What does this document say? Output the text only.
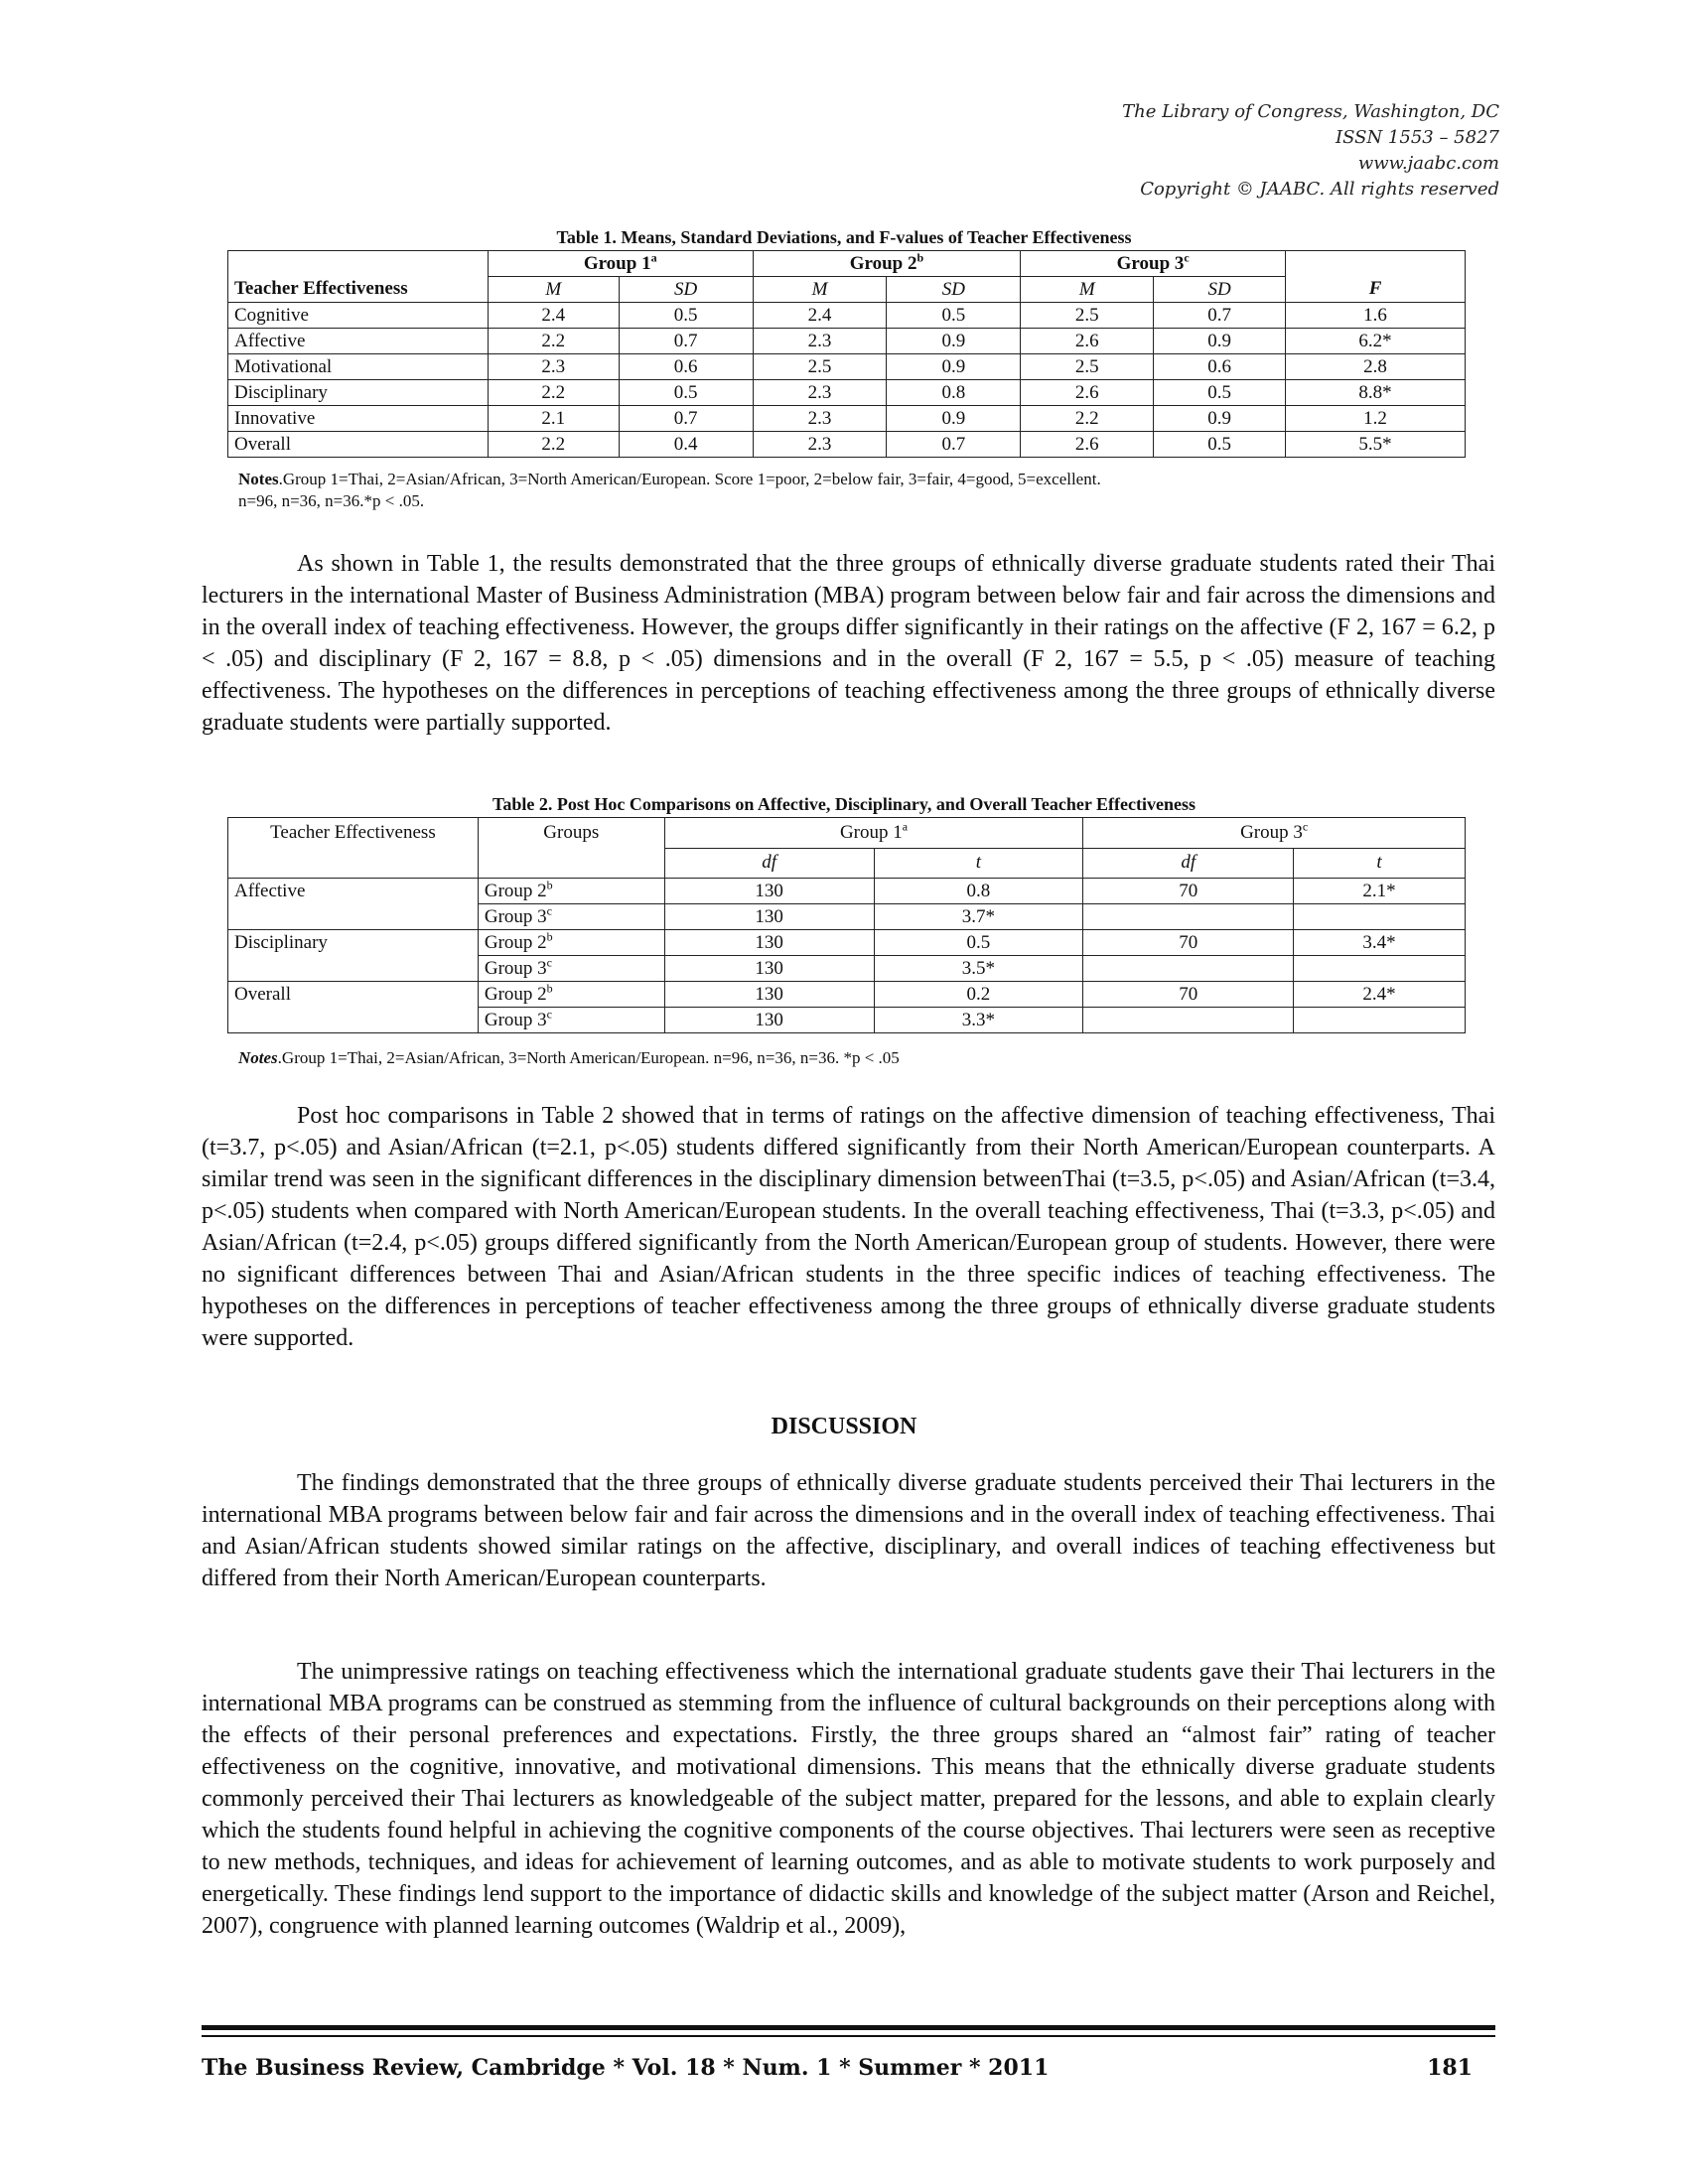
The Library of Congress, Washington, DC
ISSN 1553 – 5827
www.jaabc.com
Copyright © JAABC. All rights reserved
Table 1. Means, Standard Deviations, and F-values of Teacher Effectiveness
	Group 1$^a$		Group 2$^b$		Group 3$^c$	
Teacher Effectiveness	M	SD	M	SD	M	SD	F
Cognitive	2.4	0.5	2.4	0.5	2.5	0.7	1.6
Affective	2.2	0.7	2.3	0.9	2.6	0.9	6.2*
Motivational	2.3	0.6	2.5	0.9	2.5	0.6	2.8
Disciplinary	2.2	0.5	2.3	0.8	2.6	0.5	8.8*
Innovative	2.1	0.7	2.3	0.9	2.2	0.9	1.2
Overall	2.2	0.4	2.3	0.7	2.6	0.5	5.5*
Notes.Group 1=Thai, 2=Asian/African, 3=North American/European. Score 1=poor, 2=below fair, 3=fair, 4=good, 5=excellent.
n=96, n=36, n=36.*p < .05.

As shown in Table 1, the results demonstrated that the three groups of ethnically diverse graduate students rated their Thai lecturers in the international Master of Business Administration (MBA) program between below fair and fair across the dimensions and in the overall index of teaching effectiveness. However, the groups differ significantly in their ratings on the affective (F 2, 167 = 6.2, p < .05) and disciplinary (F 2, 167 = 8.8, p < .05) dimensions and in the overall (F 2, 167 = 5.5, p < .05) measure of teaching effectiveness. The hypotheses on the differences in perceptions of teaching effectiveness among the three groups of ethnically diverse graduate students were partially supported.

Table 2. Post Hoc Comparisons on Affective, Disciplinary, and Overall Teacher Effectiveness
Teacher Effectiveness	Groups	Group 1$^a$		Group 3$^c$
		df	t	df	t
Affective	Group 2$^b$	130	0.8	70	2.1*
	Group 3$^c$	130	3.7*		
Disciplinary	Group 2$^b$	130	0.5	70	3.4*
	Group 3$^c$	130	3.5*		
Overall	Group 2$^b$	130	0.2	70	2.4*
	Group 3$^c$	130	3.3*		
Notes.Group 1=Thai, 2=Asian/African, 3=North American/European. n=96, n=36, n=36. *p < .05

Post hoc comparisons in Table 2 showed that in terms of ratings on the affective dimension of teaching effectiveness, Thai (t=3.7, p<.05) and Asian/African (t=2.1, p<.05) students differed significantly from their North American/European counterparts. A similar trend was seen in the significant differences in the disciplinary dimension betweenThai (t=3.5, p<.05) and Asian/African (t=3.4, p<.05) students when compared with North American/European students. In the overall teaching effectiveness, Thai (t=3.3, p<.05) and Asian/African (t=2.4, p<.05) groups differed significantly from the North American/European group of students. However, there were no significant differences between Thai and Asian/African students in the three specific indices of teaching effectiveness. The hypotheses on the differences in perceptions of teacher effectiveness among the three groups of ethnically diverse graduate students were supported.

DISCUSSION

The findings demonstrated that the three groups of ethnically diverse graduate students perceived their Thai lecturers in the international MBA programs between below fair and fair across the dimensions and in the overall index of teaching effectiveness. Thai and Asian/African students showed similar ratings on the affective, disciplinary, and overall indices of teaching effectiveness but differed from their North American/European counterparts.

The unimpressive ratings on teaching effectiveness which the international graduate students gave their Thai lecturers in the international MBA programs can be construed as stemming from the influence of cultural backgrounds on their perceptions along with the effects of their personal preferences and expectations. Firstly, the three groups shared an “almost fair” rating of teacher effectiveness on the cognitive, innovative, and motivational dimensions. This means that the ethnically diverse graduate students commonly perceived their Thai lecturers as knowledgeable of the subject matter, prepared for the lessons, and able to explain clearly which the students found helpful in achieving the cognitive components of the course objectives. Thai lecturers were seen as receptive to new methods, techniques, and ideas for achievement of learning outcomes, and as able to motivate students to work purposely and energetically. These findings lend support to the importance of didactic skills and knowledge of the subject matter (Arson and Reichel, 2007), congruence with planned learning outcomes (Waldrip et al., 2009),

The Business Review, Cambridge * Vol. 18 * Num. 1 * Summer * 2011	181
